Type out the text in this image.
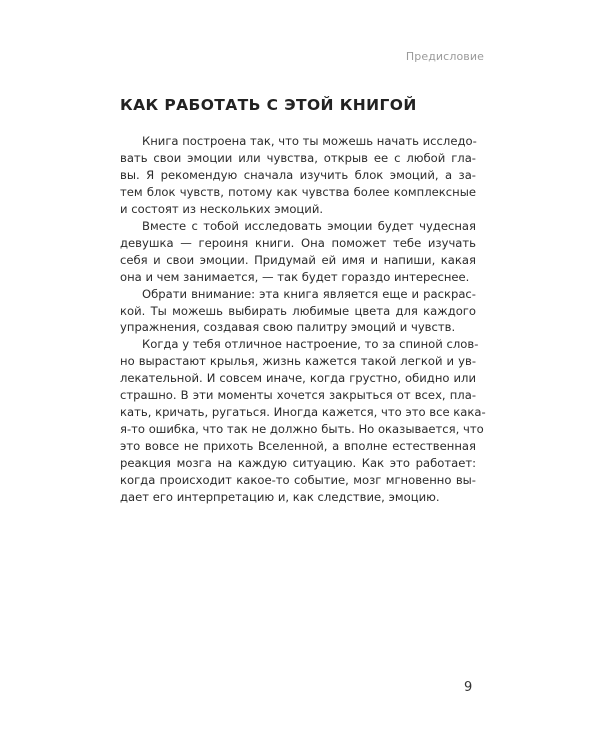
Предисловие
КАК РАБОТАТЬ С ЭТОЙ КНИГОЙ

Книга построена так, что ты можешь начать исследо-
вать свои эмоции или чувства, открыв ее с любой гла-
вы. Я рекомендую сначала изучить блок эмоций, а за-
тем блок чувств, потому как чувства более комплексные
и состоят из нескольких эмоций.

Вместе с тобой исследовать эмоции будет чудесная
девушка — героиня книги. Она поможет тебе изучать
себя и свои эмоции. Придумай ей имя и напиши, какая
она и чем занимается, — так будет гораздо интереснее.

Обрати внимание: эта книга является еще и раскрас-
кой. Ты можешь выбирать любимые цвета для каждого
упражнения, создавая свою палитру эмоций и чувств.

Когда у тебя отличное настроение, то за спиной слов-
но вырастают крылья, жизнь кажется такой легкой и ув-
лекательной. И совсем иначе, когда грустно, обидно или
страшно. В эти моменты хочется закрыться от всех, пла-
кать, кричать, ругаться. Иногда кажется, что это все кака-
я-то ошибка, что так не должно быть. Но оказывается, что
это вовсе не прихоть Вселенной, а вполне естественная
реакция мозга на каждую ситуацию. Как это работает:
когда происходит какое-то событие, мозг мгновенно вы-
дает его интерпретацию и, как следствие, эмоцию.

9
